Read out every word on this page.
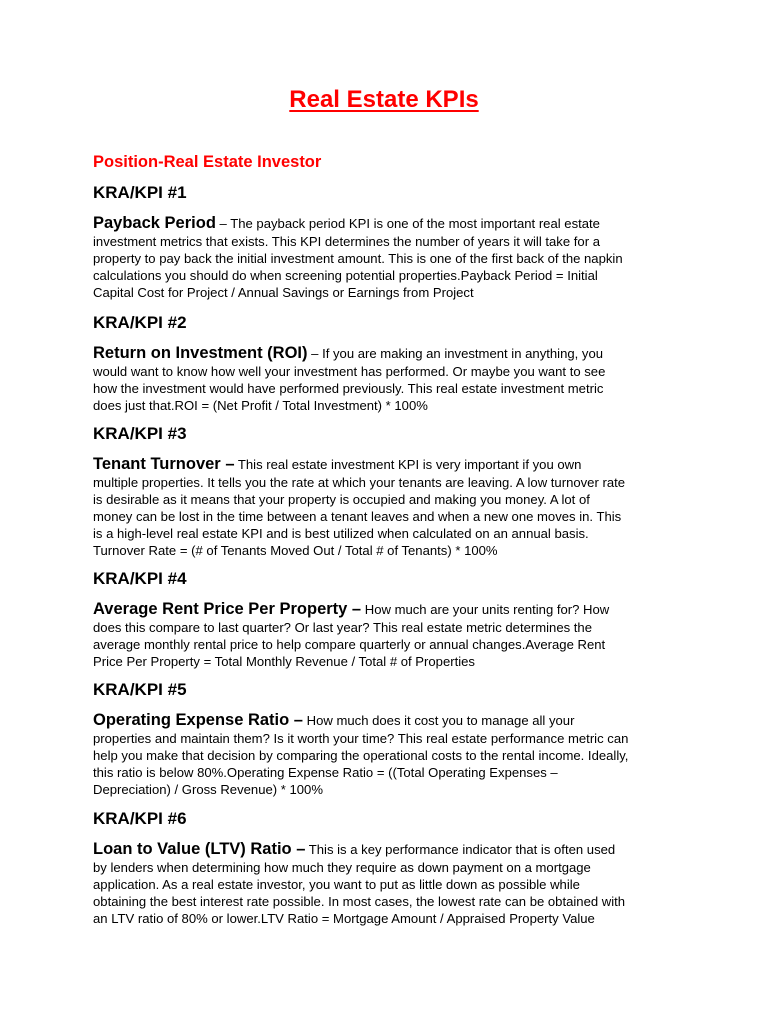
Real Estate KPIs
Position-Real Estate Investor
KRA/KPI #1
Payback Period – The payback period KPI is one of the most important real estate
investment metrics that exists. This KPI determines the number of years it will take for a
property to pay back the initial investment amount. This is one of the first back of the napkin
calculations you should do when screening potential properties.Payback Period = Initial
Capital Cost for Project / Annual Savings or Earnings from Project
KRA/KPI #2
Return on Investment (ROI) – If you are making an investment in anything, you
would want to know how well your investment has performed. Or maybe you want to see
how the investment would have performed previously. This real estate investment metric
does just that.ROI = (Net Profit / Total Investment) * 100%
KRA/KPI #3
Tenant Turnover – This real estate investment KPI is very important if you own
multiple properties. It tells you the rate at which your tenants are leaving. A low turnover rate
is desirable as it means that your property is occupied and making you money. A lot of
money can be lost in the time between a tenant leaves and when a new one moves in. This
is a high-level real estate KPI and is best utilized when calculated on an annual basis.
Turnover Rate = (# of Tenants Moved Out / Total # of Tenants) * 100%
KRA/KPI #4
Average Rent Price Per Property – How much are your units renting for? How
does this compare to last quarter? Or last year? This real estate metric determines the
average monthly rental price to help compare quarterly or annual changes.Average Rent
Price Per Property = Total Monthly Revenue / Total # of Properties
KRA/KPI #5
Operating Expense Ratio – How much does it cost you to manage all your
properties and maintain them? Is it worth your time? This real estate performance metric can
help you make that decision by comparing the operational costs to the rental income. Ideally,
this ratio is below 80%.Operating Expense Ratio = ((Total Operating Expenses –
Depreciation) / Gross Revenue) * 100%
KRA/KPI #6
Loan to Value (LTV) Ratio – This is a key performance indicator that is often used
by lenders when determining how much they require as down payment on a mortgage
application. As a real estate investor, you want to put as little down as possible while
obtaining the best interest rate possible. In most cases, the lowest rate can be obtained with
an LTV ratio of 80% or lower.LTV Ratio = Mortgage Amount / Appraised Property Value
